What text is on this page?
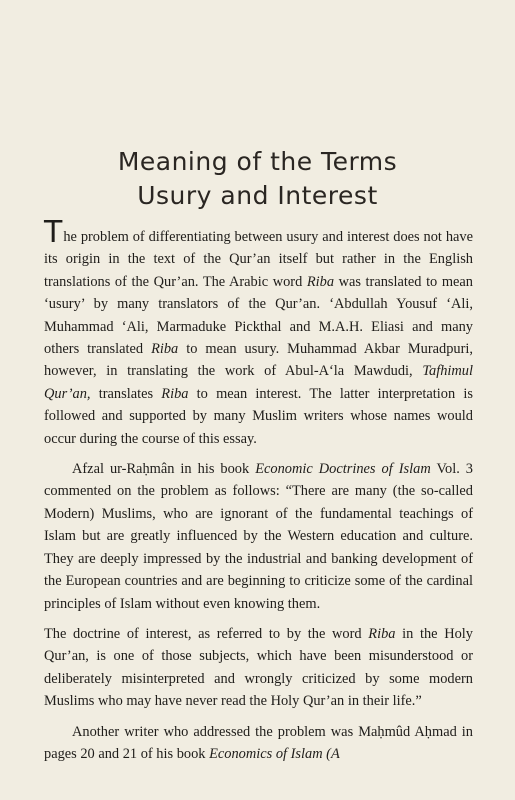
Meaning of the Terms
Usury and Interest

The problem of differentiating between usury and interest does not have its origin in the text of the Qur’an itself but rather in the English translations of the Qur’an. The Arabic word Riba was translated to mean ‘usury’ by many translators of the Qur’an. ‘Abdullah Yousuf ‘Ali, Muhammad ‘Ali, Marmaduke Pickthal and M.A.H. Eliasi and many others translated Riba to mean usury. Muhammad Akbar Muradpuri, however, in translating the work of Abul-A‘la Mawdudi, Tafhimul Qur’an, translates Riba to mean interest. The latter interpretation is followed and supported by many Muslim writers whose names would occur during the course of this essay.

Afzal ur-Raḥmân in his book Economic Doctrines of Islam Vol. 3 commented on the problem as follows: “There are many (the so-called Modern) Muslims, who are ignorant of the fundamental teachings of Islam but are greatly influenced by the Western education and culture. They are deeply impressed by the industrial and banking development of the European countries and are beginning to criticize some of the cardinal principles of Islam without even knowing them.

The doctrine of interest, as referred to by the word Riba in the Holy Qur’an, is one of those subjects, which have been misunderstood or deliberately misinterpreted and wrongly criticized by some modern Muslims who may have never read the Holy Qur’an in their life.”

Another writer who addressed the problem was Maḥmûd Aḥmad in pages 20 and 21 of his book Economics of Islam (A
